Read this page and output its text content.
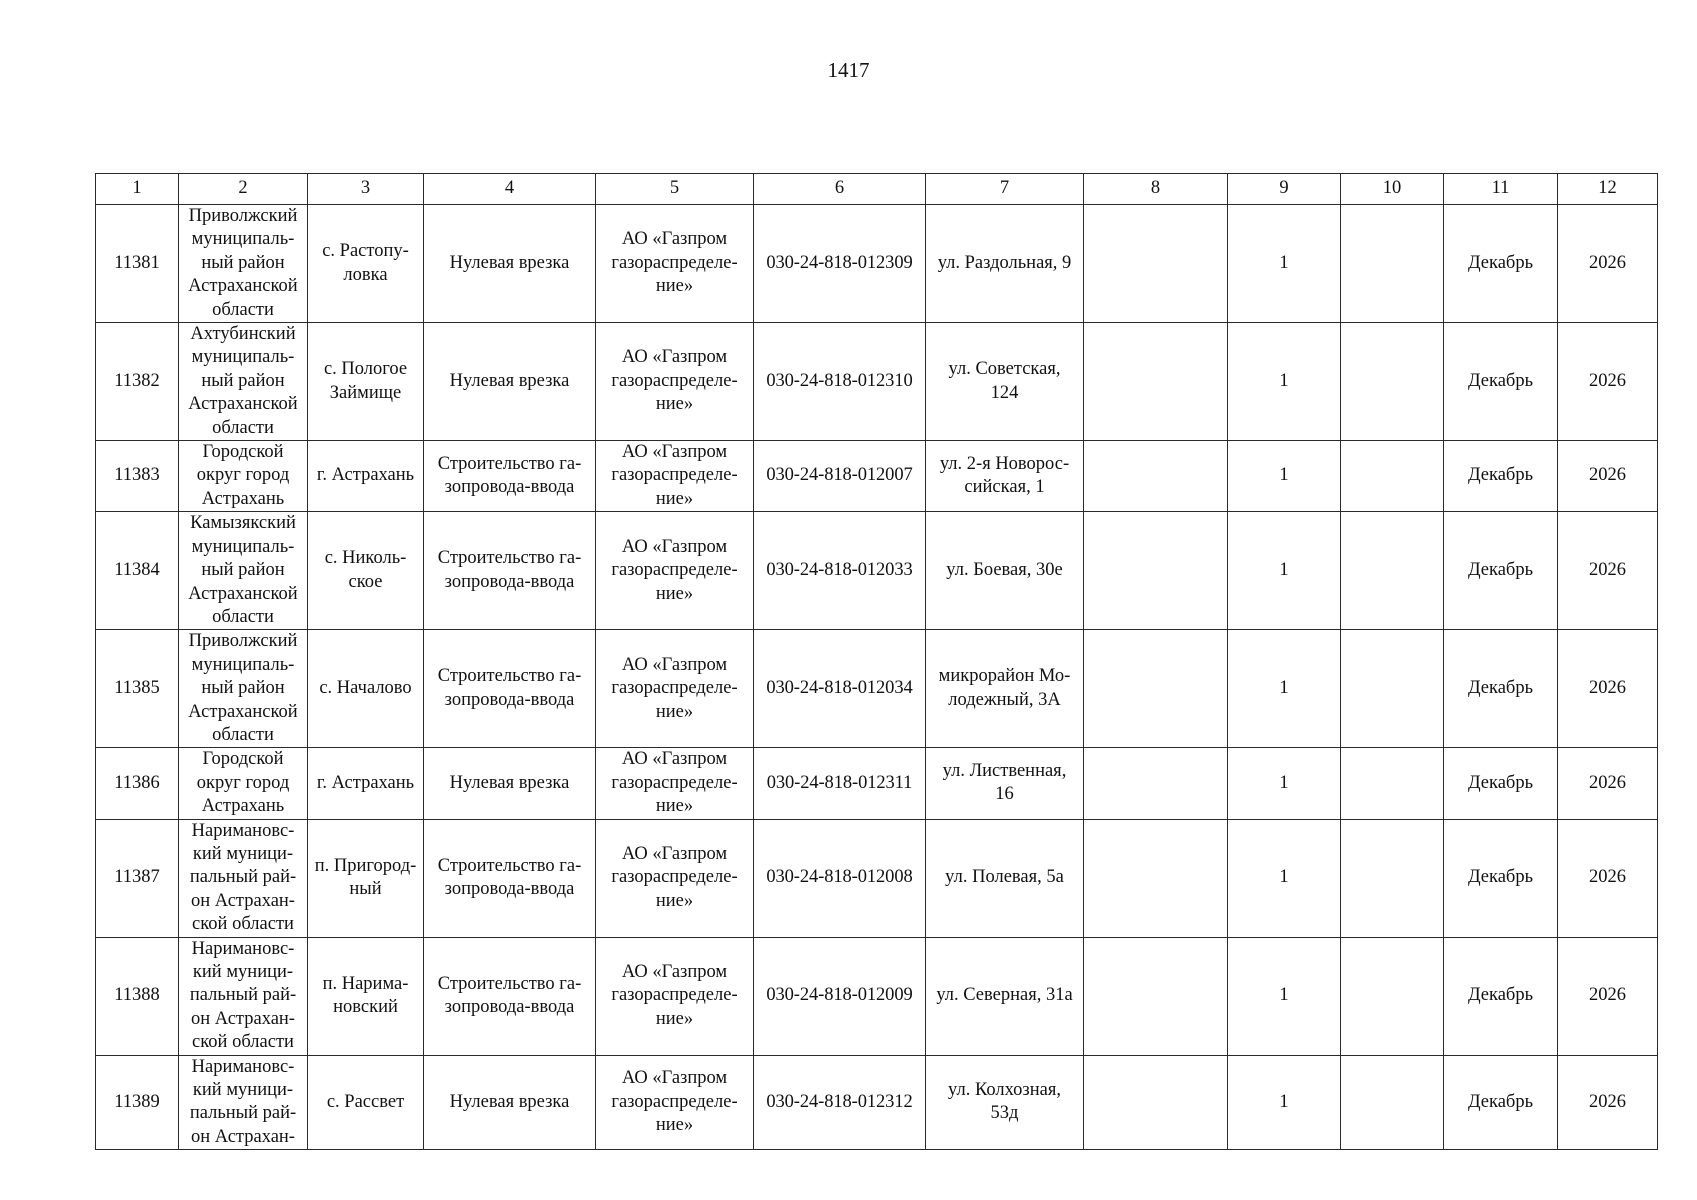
1417
1	2	3	4	5	6	7	8	9	10	11	12
11381	Приволжский
муниципаль-
ный район
Астраханской
области	с. Растопу-
ловка	Нулевая врезка	АО «Газпром
газораспределе-
ние»	030-24-818-012309	ул. Раздольная, 9		1		Декабрь	2026
11382	Ахтубинский
муниципаль-
ный район
Астраханской
области	с. Пологое
Займище	Нулевая врезка	АО «Газпром
газораспределе-
ние»	030-24-818-012310	ул. Советская,
124		1		Декабрь	2026
11383	Городской
округ город
Астрахань	г. Астрахань	Строительство га-
зопровода-ввода	АО «Газпром
газораспределе-
ние»	030-24-818-012007	ул. 2-я Новорос-
сийская, 1		1		Декабрь	2026
11384	Камызякский
муниципаль-
ный район
Астраханской
области	с. Николь-
ское	Строительство га-
зопровода-ввода	АО «Газпром
газораспределе-
ние»	030-24-818-012033	ул. Боевая, 30е		1		Декабрь	2026
11385	Приволжский
муниципаль-
ный район
Астраханской
области	с. Началово	Строительство га-
зопровода-ввода	АО «Газпром
газораспределе-
ние»	030-24-818-012034	микрорайон Мо-
лодежный, 3А		1		Декабрь	2026
11386	Городской
округ город
Астрахань	г. Астрахань	Нулевая врезка	АО «Газпром
газораспределе-
ние»	030-24-818-012311	ул. Лиственная,
16		1		Декабрь	2026
11387	Наримановс-
кий муници-
пальный рай-
он Астрахан-
ской области	п. Пригород-
ный	Строительство га-
зопровода-ввода	АО «Газпром
газораспределе-
ние»	030-24-818-012008	ул. Полевая, 5а		1		Декабрь	2026
11388	Наримановс-
кий муници-
пальный рай-
он Астрахан-
ской области	п. Нарима-
новский	Строительство га-
зопровода-ввода	АО «Газпром
газораспределе-
ние»	030-24-818-012009	ул. Северная, 31а		1		Декабрь	2026
11389	Наримановс-
кий муници-
пальный рай-
он Астрахан-	с. Рассвет	Нулевая врезка	АО «Газпром
газораспределе-
ние»	030-24-818-012312	ул. Колхозная,
53д		1		Декабрь	2026
